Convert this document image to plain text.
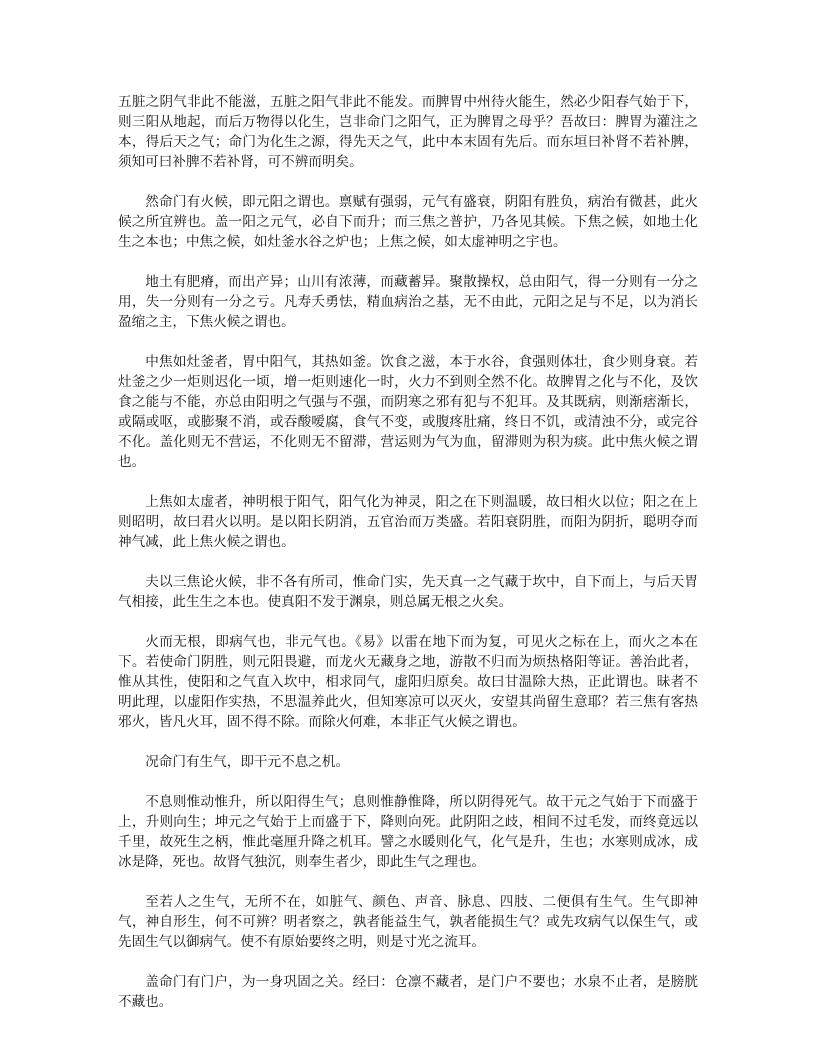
五脏之阴气非此不能滋，五脏之阳气非此不能发。而脾胃中州待火能生，然必少阳春气始于下，则三阳从地起，而后万物得以化生，岂非命门之阳气，正为脾胃之母乎？吾故曰：脾胃为灌注之本，得后天之气；命门为化生之源，得先天之气，此中本末固有先后。而东垣曰补肾不若补脾，须知可曰补脾不若补肾，可不辨而明矣。

然命门有火候，即元阳之谓也。禀赋有强弱，元气有盛衰，阴阳有胜负，病治有微甚，此火候之所宜辨也。盖一阳之元气，必自下而升；而三焦之普护，乃各见其候。下焦之候，如地土化生之本也；中焦之候，如灶釜水谷之炉也；上焦之候，如太虚神明之宇也。

地土有肥瘠，而出产异；山川有浓薄，而藏蓄异。聚散操权，总由阳气，得一分则有一分之用，失一分则有一分之亏。凡寿夭勇怯，精血病治之基，无不由此，元阳之足与不足，以为消长盈缩之主，下焦火候之谓也。

中焦如灶釜者，胃中阳气，其热如釜。饮食之滋，本于水谷，食强则体壮，食少则身衰。若灶釜之少一炬则迟化一顷，增一炬则速化一时，火力不到则全然不化。故脾胃之化与不化，及饮食之能与不能，亦总由阳明之气强与不强，而阴寒之邪有犯与不犯耳。及其既病，则渐痞渐长，或隔或呕，或膨聚不消，或吞酸嗳腐，食气不变，或腹疼肚痛，终日不饥，或清浊不分，或完谷不化。盖化则无不营运，不化则无不留滞，营运则为气为血，留滞则为积为痰。此中焦火候之谓也。

上焦如太虚者，神明根于阳气，阳气化为神灵，阳之在下则温暖，故曰相火以位；阳之在上则昭明，故曰君火以明。是以阳长阴消，五官治而万类盛。若阳衰阴胜，而阳为阴折，聪明夺而神气减，此上焦火候之谓也。

夫以三焦论火候，非不各有所司，惟命门实，先天真一之气藏于坎中，自下而上，与后天胃气相接，此生生之本也。使真阳不发于渊泉，则总属无根之火矣。

火而无根，即病气也，非元气也。《易》以雷在地下而为复，可见火之标在上，而火之本在下。若使命门阴胜，则元阳畏避，而龙火无藏身之地，游散不归而为烦热格阳等证。善治此者，惟从其性，使阳和之气直入坎中，相求同气，虚阳归原矣。故曰甘温除大热，正此谓也。昧者不明此理，以虚阳作实热，不思温养此火，但知寒凉可以灭火，安望其尚留生意耶？若三焦有客热邪火，皆凡火耳，固不得不除。而除火何难，本非正气火候之谓也。

况命门有生气，即干元不息之机。

不息则惟动惟升，所以阳得生气；息则惟静惟降，所以阴得死气。故干元之气始于下而盛于上，升则向生；坤元之气始于上而盛于下，降则向死。此阴阳之歧，相间不过毛发，而终竟远以千里，故死生之柄，惟此毫厘升降之机耳。譬之水暖则化气，化气是升，生也；水寒则成冰，成冰是降，死也。故肾气独沉，则奉生者少，即此生气之理也。

至若人之生气，无所不在，如脏气、颜色、声音、脉息、四肢、二便俱有生气。生气即神气，神自形生，何不可辨？明者察之，孰者能益生气，孰者能损生气？或先攻病气以保生气，或先固生气以御病气。使不有原始要终之明，则是寸光之流耳。

盖命门有门户，为一身巩固之关。经曰：仓凛不藏者，是门户不要也；水泉不止者，是膀胱不藏也。
